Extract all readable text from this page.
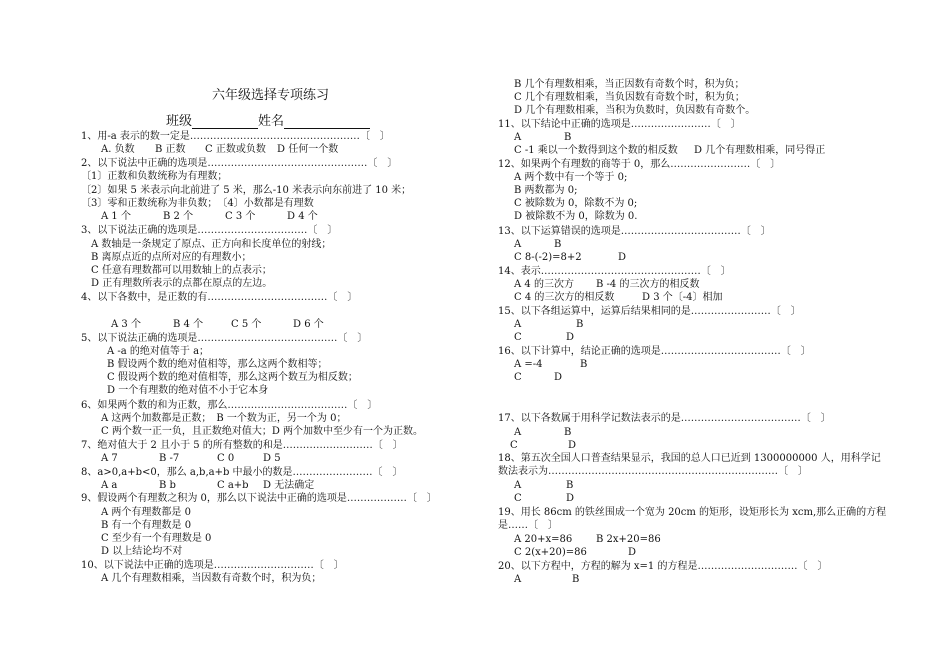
六年级选择专项练习
班级	姓名
1、用-a 表示的数一定是……………………………………………〔　〕
A. 负数 B 正数 C 正数或负数 D 任何一个数
2、以下说法中正确的选项是…………………………………………〔　〕
〔1〕正数和负数统称为有理数；
〔2〕如果 5 米表示向北前进了 5 米，那么-10 米表示向东前进了 10 米；
〔3〕零和正数统称为非负数；　〔4〕小数都是有理数
A 1 个	B 2 个	C 3 个	D 4 个
3、以下说法正确的选项是……………………………〔　〕
A 数轴是一条规定了原点、正方向和长度单位的射线；
B 离原点近的点所对应的有理数小；
C 任意有理数都可以用数轴上的点表示；
D 正有理数所表示的点都在原点的左边。
4、以下各数中，是正数的有………………………………〔　〕
A 3 个	B 4 个	C 5 个	D 6 个
5、以下说法正确的选项是……………………………………〔　〕
A -a 的绝对值等于 a；
B 假设两个数的绝对值相等，那么这两个数相等；
C 假设两个数的绝对值相等，那么这两个数互为相反数；
D 一个有理数的绝对值不小于它本身
6、如果两个数的和为正数，那么………………………………〔　〕
A 这两个加数都是正数；　B 一个数为正，另一个为 0；
C 两个数一正一负，且正数绝对值大；D 两个加数中至少有一个为正数。
7、绝对值大于 2 且小于 5 的所有整数的和是………………………〔　〕
A 7	B -7	C 0	D 5
8、a>0,a+b<0，那么 a,b,a+b 中最小的数是……………………〔　〕
A a	B b	C a+b D 无法确定
9、假设两个有理数之积为 0，那么以下说法中正确的选项是………………〔　〕
A 两个有理数都是 0
B 有一个有理数是 0
C 至少有一个有理数是 0
D 以上结论均不对
10、以下说法中正确的选项是…………………………〔　〕
A 几个有理数相乘，当因数有奇数个时，积为负；
B 几个有理数相乘，当正因数有奇数个时，积为负；
C 几个有理数相乘，当负因数有奇数个时，积为负；
D 几个有理数相乘，当积为负数时，负因数有奇数个。
11、以下结论中正确的选项是……………………〔　〕
A	B
C -1 乘以一个数得到这个数的相反数 D 几个有理数相乘，同号得正
12、如果两个有理数的商等于 0，那么……………………〔　〕
A 两个数中有一个等于 0;
B 两数都为 0;
C 被除数为 0，除数不为 0;
D 被除数不为 0，除数为 0.
13、以下运算错误的选项是………………………………〔　〕
A	B
C 8-(-2)=8+2	D
14、表示…………………………………………〔　〕
A 4 的三次方 B -4 的三次方的相反数
C 4 的三次方的相反数	D 3 个〔-4〕相加
15、以下各组运算中，运算后结果相同的是……………………〔　〕
A	B
C	D
16、以下计算中，结论正确的选项是………………………………〔　〕
A =-4	B
C	D
17、以下各数属于用科学记数法表示的是………………………………〔　〕
A	B
C	D
18、第五次全国人口普查结果显示，我国的总人口已近到 1300000000 人，用科学记
数法表示为……………………………………………………………〔　〕
A	B
C	D
19、用长 86cm 的铁丝围成一个宽为 20cm 的矩形，设矩形长为 xcm,那么正确的方程
是……〔　〕
A 20+x=86 B 2x+20=86
C 2(x+20)=86	D
20、以下方程中，方程的解为 x=1 的方程是…………………………〔　〕
A	B
